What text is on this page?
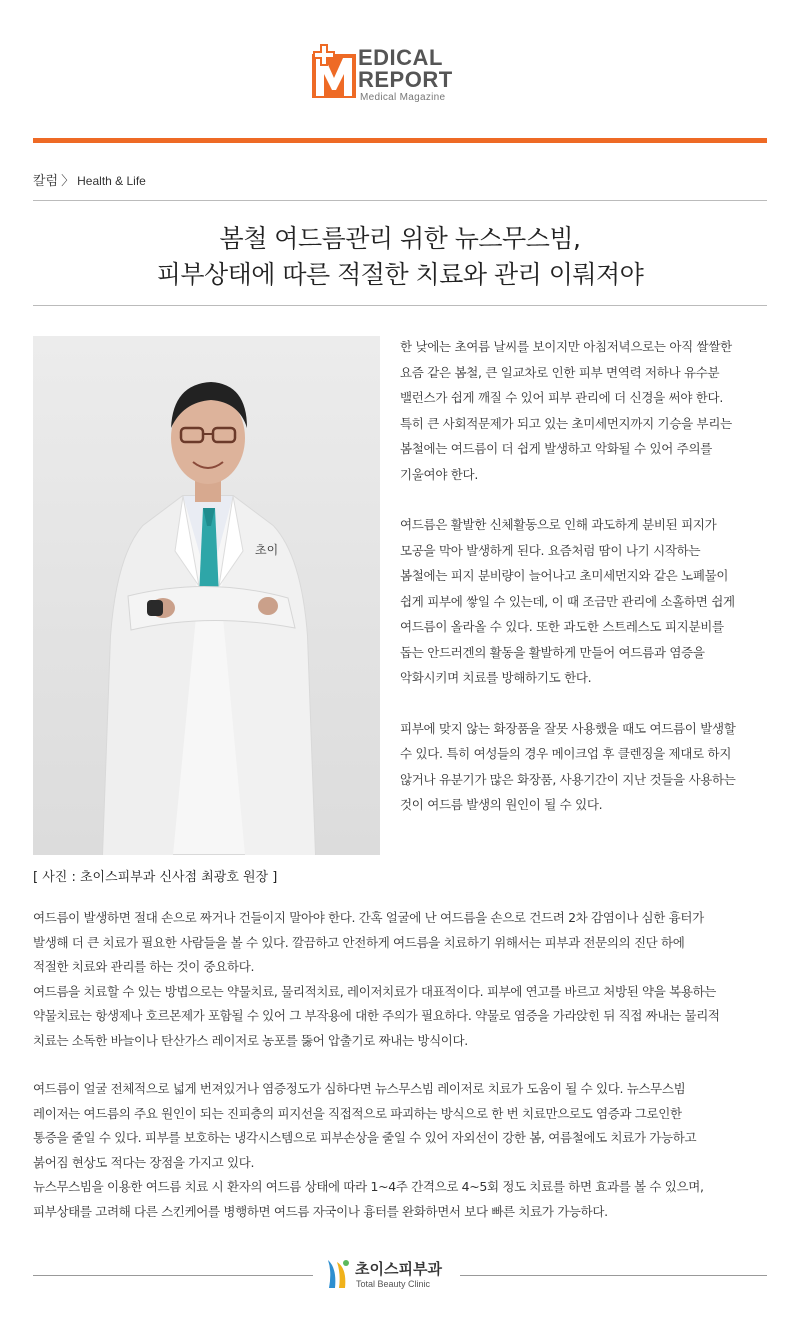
EDICAL
REPORT
Medical Magazine
칼럼 〉 Health & Life
봄철 여드름관리 위한 뉴스무스빔,
피부상태에 따른 적절한 치료와 관리 이뤄져야
초이
[ 사진 : 초이스피부과 신사점 최광호 원장 ]

한 낮에는 초여름 날씨를 보이지만 아침저녁으로는 아직 쌀쌀한
요즘 같은 봄철, 큰 일교차로 인한 피부 면역력 저하나 유수분
밸런스가 쉽게 깨질 수 있어 피부 관리에 더 신경을 써야 한다.
특히 큰 사회적문제가 되고 있는 초미세먼지까지 기승을 부리는
봄철에는 여드름이 더 쉽게 발생하고 악화될 수 있어 주의를
기울여야 한다.

여드름은 활발한 신체활동으로 인해 과도하게 분비된 피지가
모공을 막아 발생하게 된다. 요즘처럼 땀이 나기 시작하는
봄철에는 피지 분비량이 늘어나고 초미세먼지와 같은 노폐물이
쉽게 피부에 쌓일 수 있는데, 이 때 조금만 관리에 소홀하면 쉽게
여드름이 올라올 수 있다. 또한 과도한 스트레스도 피지분비를
돕는 안드러겐의 활동을 활발하게 만들어 여드름과 염증을
악화시키며 치료를 방해하기도 한다.

피부에 맞지 않는 화장품을 잘못 사용했을 때도 여드름이 발생할
수 있다. 특히 여성들의 경우 메이크업 후 클렌징을 제대로 하지
않거나 유분기가 많은 화장품, 사용기간이 지난 것들을 사용하는
것이 여드름 발생의 원인이 될 수 있다.

여드름이 발생하면 절대 손으로 짜거나 건들이지 말아야 한다. 간혹 얼굴에 난 여드름을 손으로 건드려 2차 감염이나 심한 흉터가

발생해 더 큰 치료가 필요한 사람들을 볼 수 있다. 깔끔하고 안전하게 여드름을 치료하기 위해서는 피부과 전문의의 진단 하에

적절한 치료와 관리를 하는 것이 중요하다.

여드름을 치료할 수 있는 방법으로는 약물치료, 물리적치료, 레이저치료가 대표적이다. 피부에 연고를 바르고 처방된 약을 복용하는

약물치료는 항생제나 호르몬제가 포함될 수 있어 그 부작용에 대한 주의가 필요하다. 약물로 염증을 가라앉힌 뒤 직접 짜내는 물리적

치료는 소독한 바늘이나 탄산가스 레이저로 농포를 뚫어 압출기로 짜내는 방식이다.

여드름이 얼굴 전체적으로 넓게 번져있거나 염증정도가 심하다면 뉴스무스빔 레이저로 치료가 도움이 될 수 있다. 뉴스무스빔

레이저는 여드름의 주요 원인이 되는 진피층의 피지선을 직접적으로 파괴하는 방식으로 한 번 치료만으로도 염증과 그로인한

통증을 줄일 수 있다. 피부를 보호하는 냉각시스템으로 피부손상을 줄일 수 있어 자외선이 강한 봄, 여름철에도 치료가 가능하고

붉어짐 현상도 적다는 장점을 가지고 있다.

뉴스무스빔을 이용한 여드름 치료 시 환자의 여드름 상태에 따라 1~4주 간격으로 4~5회 정도 치료를 하면 효과를 볼 수 있으며,

피부상태를 고려해 다른 스킨케어를 병행하면 여드름 자국이나 흉터를 완화하면서 보다 빠른 치료가 가능하다.

초이스피부과
Total Beauty Clinic
